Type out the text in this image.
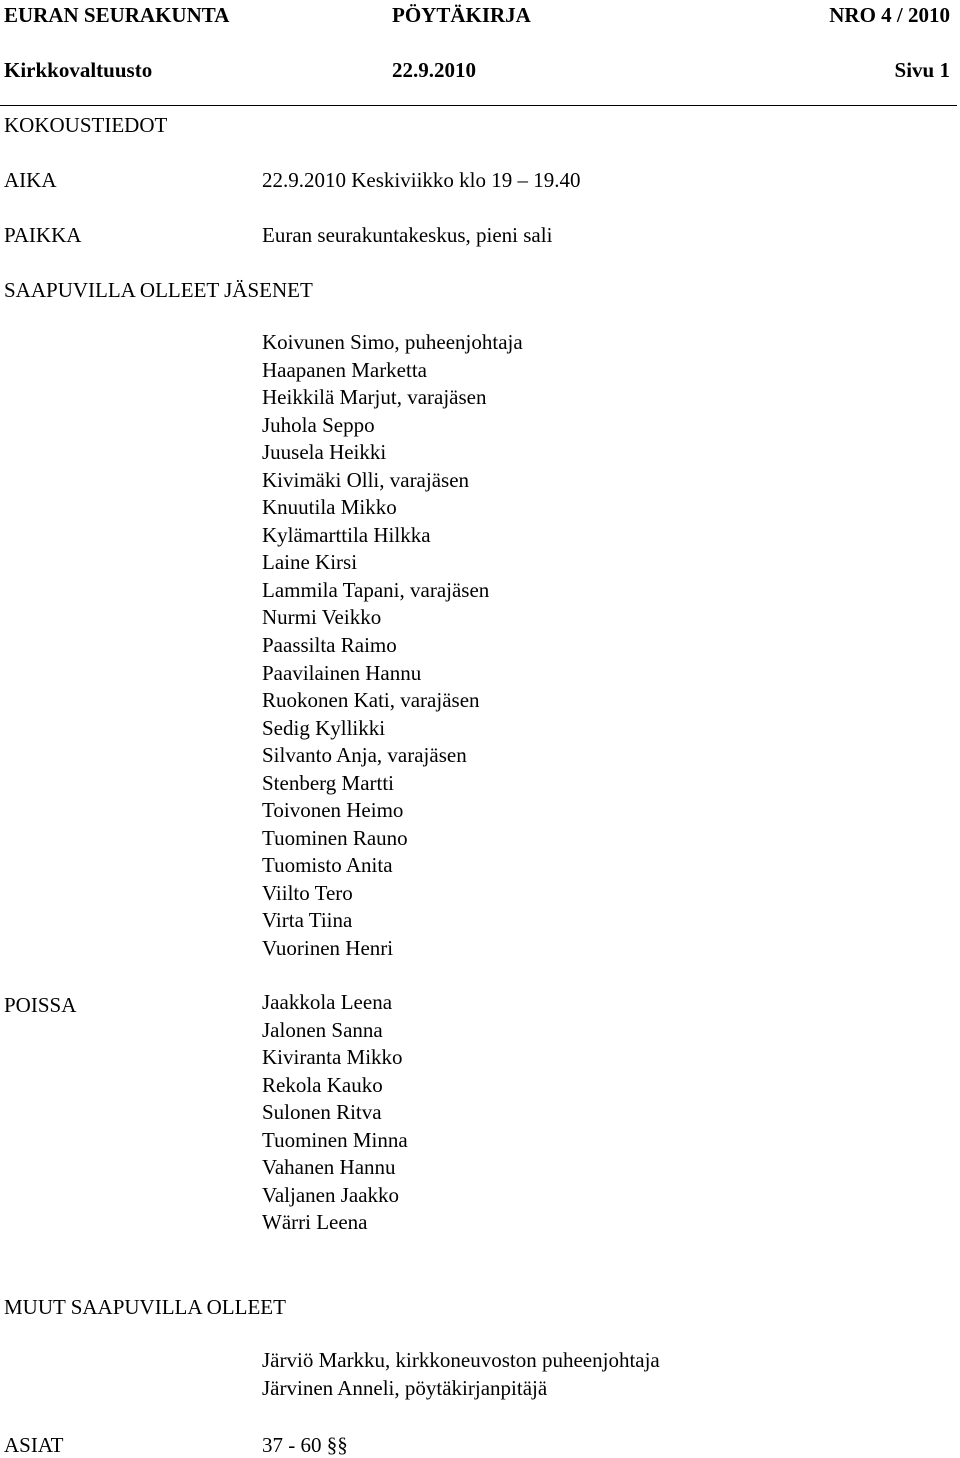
EURAN SEURAKUNTA	PÖYTÄKIRJA	NRO 4 / 2010
Kirkkovaltuusto	22.9.2010	Sivu 1
KOKOUSTIEDOT
AIKA	22.9.2010 Keskiviikko klo 19 – 19.40
PAIKKA	Euran seurakuntakeskus, pieni sali
SAAPUVILLA OLLEET JÄSENET
Koivunen Simo, puheenjohtaja
Haapanen Marketta
Heikkilä Marjut, varajäsen
Juhola Seppo
Juusela Heikki
Kivimäki Olli, varajäsen
Knuutila Mikko
Kylämarttila Hilkka
Laine Kirsi
Lammila Tapani, varajäsen
Nurmi Veikko
Paassilta Raimo
Paavilainen Hannu
Ruokonen Kati, varajäsen
Sedig Kyllikki
Silvanto Anja, varajäsen
Stenberg Martti
Toivonen Heimo
Tuominen Rauno
Tuomisto Anita
Viilto Tero
Virta Tiina
Vuorinen Henri
POISSA	Jaakkola Leena
Jalonen Sanna
Kiviranta Mikko
Rekola Kauko
Sulonen Ritva
Tuominen Minna
Vahanen Hannu
Valjanen Jaakko
Wärri Leena
MUUT SAAPUVILLA OLLEET
Järviö Markku, kirkkoneuvoston puheenjohtaja
Järvinen Anneli, pöytäkirjanpitäjä
ASIAT	37 - 60 §§
